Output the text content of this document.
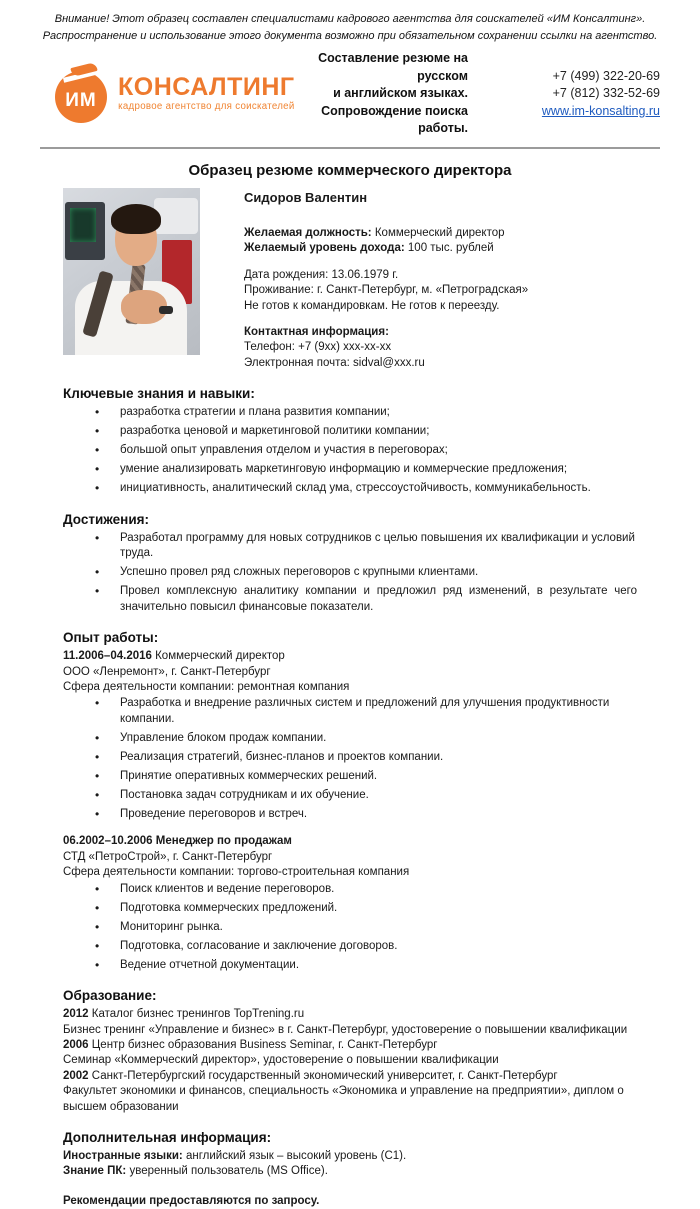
Внимание! Этот образец составлен специалистами кадрового агентства для соискателей «ИМ Консалтинг».
Распространение и использование этого документа возможно при обязательном сохранении ссылки на агентство.
ИМ КОНСАЛТИНГ
кадровое агентство для соискателей
Составление резюме на русском
и английском языках.
Сопровождение поиска работы.
+7 (499) 322-20-69
+7 (812) 332-52-69
www.im-konsalting.ru
Образец резюме коммерческого директора
Сидоров Валентин
Желаемая должность: Коммерческий директор
Желаемый уровень дохода: 100 тыс. рублей
Дата рождения: 13.06.1979 г.
Проживание: г. Санкт-Петербург, м. «Петроградская»
Не готов к командировкам. Не готов к переезду.
Контактная информация:
Телефон: +7 (9хх) ххх-хх-хх
Электронная почта: sidval@xxx.ru
Ключевые знания и навыки:
• разработка стратегии и плана развития компании;
• разработка ценовой и маркетинговой политики компании;
• большой опыт управления отделом и участия в переговорах;
• умение анализировать маркетинговую информацию и коммерческие предложения;
• инициативность, аналитический склад ума, стрессоустойчивость, коммуникабельность.
Достижения:
• Разработал программу для новых сотрудников с целью повышения их квалификации и условий труда.
• Успешно провел ряд сложных переговоров с крупными клиентами.
• Провел комплексную аналитику компании и предложил ряд изменений, в результате чего значительно повысил финансовые показатели.
Опыт работы:
11.2006–04.2016 Коммерческий директор
ООО «Ленремонт», г. Санкт-Петербург
Сфера деятельности компании: ремонтная компания
• Разработка и внедрение различных систем и предложений для улучшения продуктивности компании.
• Управление блоком продаж компании.
• Реализация стратегий, бизнес-планов и проектов компании.
• Принятие оперативных коммерческих решений.
• Постановка задач сотрудникам и их обучение.
• Проведение переговоров и встреч.
06.2002–10.2006 Менеджер по продажам
СТД «ПетроСтрой», г. Санкт-Петербург
Сфера деятельности компании: торгово-строительная компания
• Поиск клиентов и ведение переговоров.
• Подготовка коммерческих предложений.
• Мониторинг рынка.
• Подготовка, согласование и заключение договоров.
• Ведение отчетной документации.
Образование:
2012 Каталог бизнес тренингов TopTrening.ru
Бизнес тренинг «Управление и бизнес» в г. Санкт-Петербург, удостоверение о повышении квалификации
2006 Центр бизнес образования Business Seminar, г. Санкт-Петербург
Семинар «Коммерческий директор», удостоверение о повышении квалификации
2002 Санкт-Петербургский государственный экономический университет, г. Санкт-Петербург
Факультет экономики и финансов, специальность «Экономика и управление на предприятии», диплом о высшем образовании
Дополнительная информация:
Иностранные языки: английский язык – высокий уровень (C1).
Знание ПК: уверенный пользователь (MS Office).
Рекомендации предоставляются по запросу.
